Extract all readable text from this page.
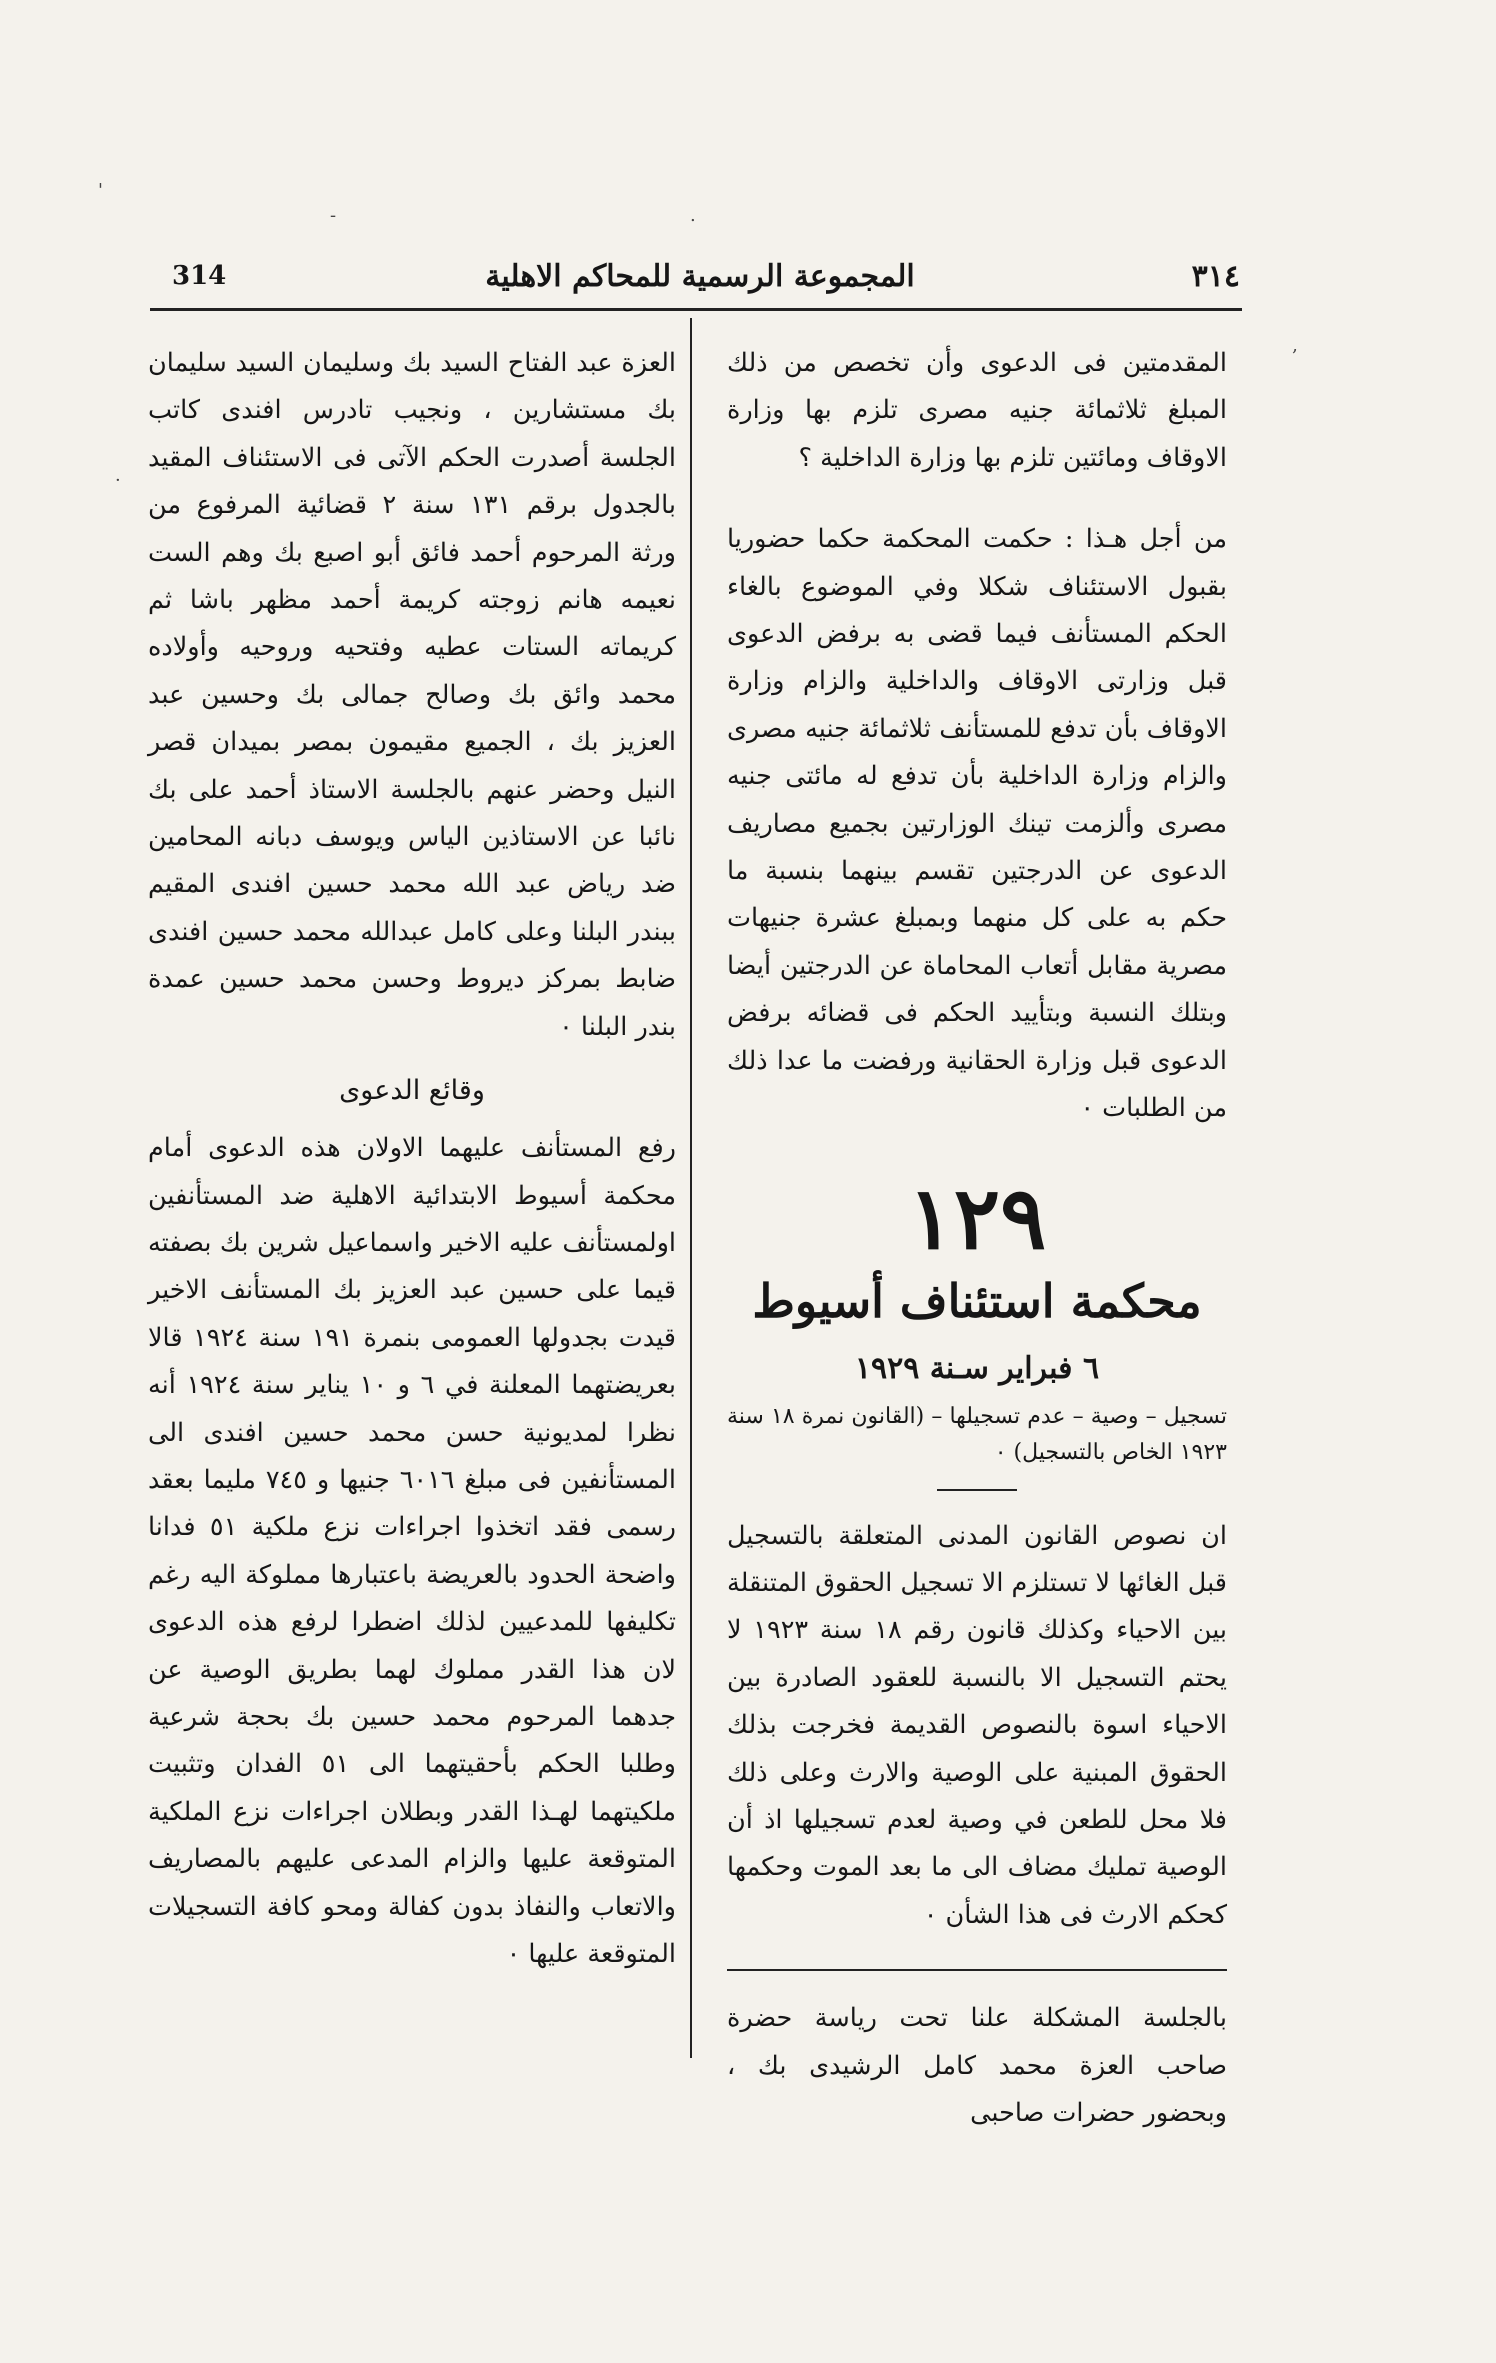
'
-	.
‚
·
٣١٤
المجموعة الرسمية للمحاكم الاهلية
314

المقدمتين فى الدعوى وأن تخصص من ذلك المبلغ ثلاثمائة جنيه مصرى تلزم بها وزارة الاوقاف ومائتين تلزم بها وزارة الداخلية ؟

من أجل هـذا : حكمت المحكمة حكما حضوريا بقبول الاستئناف شكلا وفي الموضوع بالغاء الحكم المستأنف فيما قضى به برفض الدعوى قبل وزارتى الاوقاف والداخلية والزام وزارة الاوقاف بأن تدفع للمستأنف ثلاثمائة جنيه مصرى والزام وزارة الداخلية بأن تدفع له مائتى جنيه مصرى وألزمت تينك الوزارتين بجميع مصاريف الدعوى عن الدرجتين تقسم بينهما بنسبة ما حكم به على كل منهما وبمبلغ عشرة جنيهات مصرية مقابل أتعاب المحاماة عن الدرجتين أيضا وبتلك النسبة وبتأييد الحكم فى قضائه برفض الدعوى قبل وزارة الحقانية ورفضت ما عدا ذلك من الطلبات ٠

١٢٩
محكمة استئناف أسيوط
٦ فبراير سـنة ١٩٢٩

تسجيل – وصية – عدم تسجيلها – (القانون نمرة ١٨ سنة ١٩٢٣ الخاص بالتسجيل) ٠

ان نصوص القانون المدنى المتعلقة بالتسجيل قبل الغائها لا تستلزم الا تسجيل الحقوق المتنقلة بين الاحياء وكذلك قانون رقم ١٨ سنة ١٩٢٣ لا يحتم التسجيل الا بالنسبة للعقود الصادرة بين الاحياء اسوة بالنصوص القديمة فخرجت بذلك الحقوق المبنية على الوصية والارث وعلى ذلك فلا محل للطعن في وصية لعدم تسجيلها اذ أن الوصية تمليك مضاف الى ما بعد الموت وحكمها كحكم الارث فى هذا الشأن ٠

بالجلسة المشكلة علنا تحت رياسة حضرة صاحب العزة محمد كامل الرشيدى بك ، وبحضور حضرات صاحبى

العزة عبد الفتاح السيد بك وسليمان السيد سليمان بك مستشارين ، ونجيب تادرس افندى كاتب الجلسة أصدرت الحكم الآتى فى الاستئناف المقيد بالجدول برقم ١٣١ سنة ٢ قضائية المرفوع من ورثة المرحوم أحمد فائق أبو اصبع بك وهم الست نعيمه هانم زوجته كريمة أحمد مظهر باشا ثم كريماته الستات عطيه وفتحيه وروحيه وأولاده محمد وائق بك وصالح جمالى بك وحسين عبد العزيز بك ، الجميع مقيمون بمصر بميدان قصر النيل وحضر عنهم بالجلسة الاستاذ أحمد على بك نائبا عن الاستاذين الياس ويوسف دبانه المحامين ضد رياض عبد الله محمد حسين افندى المقيم ببندر البلنا وعلى كامل عبدالله محمد حسين افندى ضابط بمركز ديروط وحسن محمد حسين عمدة بندر البلنا ٠

وقائع الدعوى

رفع المستأنف عليهما الاولان هذه الدعوى أمام محكمة أسيوط الابتدائية الاهلية ضد المستأنفين اولمستأنف عليه الاخير واسماعيل شرين بك بصفته قيما على حسين عبد العزيز بك المستأنف الاخير قيدت بجدولها العمومى بنمرة ١٩١ سنة ١٩٢٤ قالا بعريضتهما المعلنة في ٦ و ١٠ يناير سنة ١٩٢٤ أنه نظرا لمديونية حسن محمد حسين افندى الى المستأنفين فى مبلغ ٦٠١٦ جنيها و ٧٤٥ مليما بعقد رسمى فقد اتخذوا اجراءات نزع ملكية ٥١ فدانا واضحة الحدود بالعريضة باعتبارها مملوكة اليه رغم تكليفها للمدعيين لذلك اضطرا لرفع هذه الدعوى لان هذا القدر مملوك لهما بطريق الوصية عن جدهما المرحوم محمد حسين بك بحجة شرعية وطلبا الحكم بأحقيتهما الى ٥١ الفدان وتثبيت ملكيتهما لهـذا القدر وبطلان اجراءات نزع الملكية المتوقعة عليها والزام المدعى عليهم بالمصاريف والاتعاب والنفاذ بدون كفالة ومحو كافة التسجيلات المتوقعة عليها ٠
